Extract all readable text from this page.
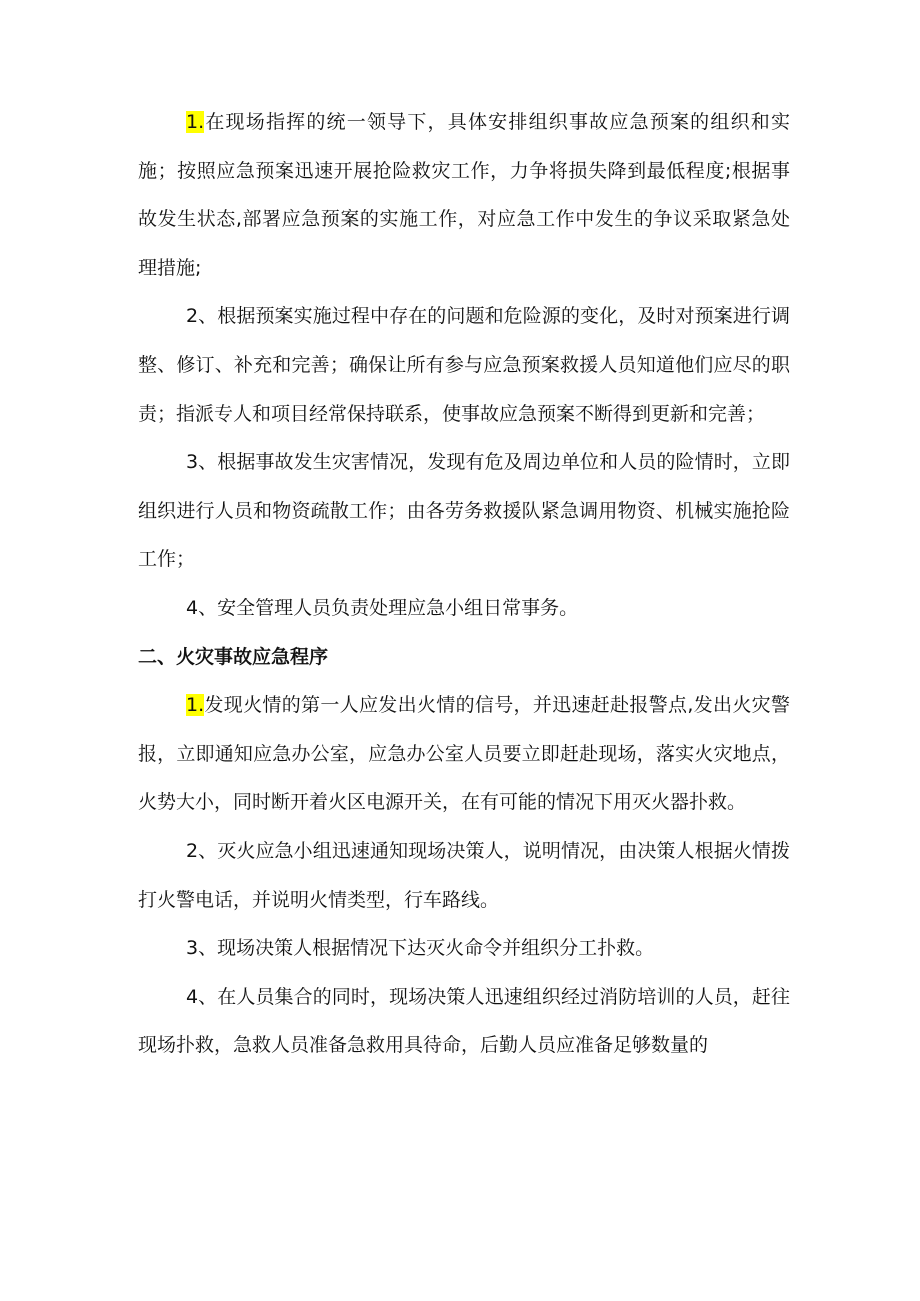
1.在现场指挥的统一领导下，具体安排组织事故应急预案的组织和实施；按照应急预案迅速开展抢险救灾工作，力争将损失降到最低程度;根据事故发生状态,部署应急预案的实施工作，对应急工作中发生的争议采取紧急处理措施;

2、根据预案实施过程中存在的问题和危险源的变化，及时对预案进行调整、修订、补充和完善；确保让所有参与应急预案救援人员知道他们应尽的职责；指派专人和项目经常保持联系，使事故应急预案不断得到更新和完善；

3、根据事故发生灾害情况，发现有危及周边单位和人员的险情时，立即组织进行人员和物资疏散工作；由各劳务救援队紧急调用物资、机械实施抢险工作；

4、安全管理人员负责处理应急小组日常事务。

二、火灾事故应急程序

1.发现火情的第一人应发出火情的信号，并迅速赶赴报警点,发出火灾警报，立即通知应急办公室，应急办公室人员要立即赶赴现场，落实火灾地点，火势大小，同时断开着火区电源开关，在有可能的情况下用灭火器扑救。

2、灭火应急小组迅速通知现场决策人，说明情况，由决策人根据火情拨打火警电话，并说明火情类型，行车路线。

3、现场决策人根据情况下达灭火命令并组织分工扑救。

4、在人员集合的同时，现场决策人迅速组织经过消防培训的人员，赶往现场扑救，急救人员准备急救用具待命，后勤人员应准备足够数量的
